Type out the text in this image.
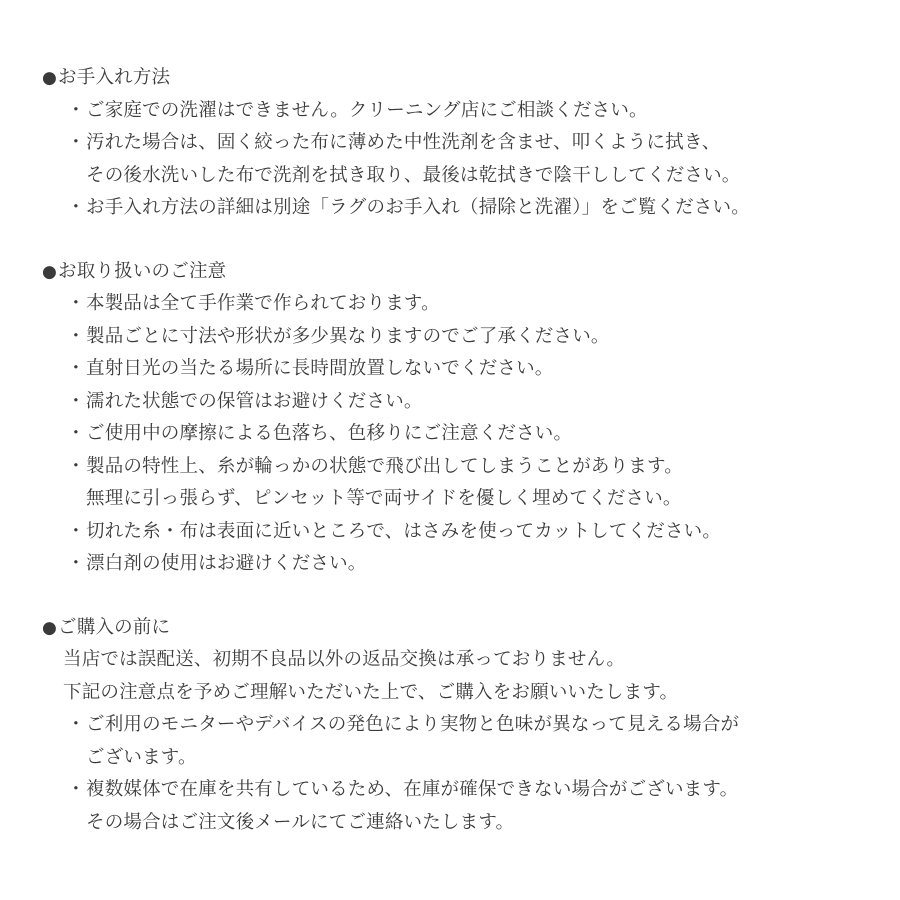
●お手入れ方法
・ご家庭での洗濯はできません。クリーニング店にご相談ください。
・汚れた場合は、固く絞った布に薄めた中性洗剤を含ませ、叩くように拭き、
その後水洗いした布で洗剤を拭き取り、最後は乾拭きで陰干ししてください。
・お手入れ方法の詳細は別途「ラグのお手入れ（掃除と洗濯）」をご覧ください。
●お取り扱いのご注意
・本製品は全て手作業で作られております。
・製品ごとに寸法や形状が多少異なりますのでご了承ください。
・直射日光の当たる場所に長時間放置しないでください。
・濡れた状態での保管はお避けください。
・ご使用中の摩擦による色落ち、色移りにご注意ください。
・製品の特性上、糸が輪っかの状態で飛び出してしまうことがあります。
無理に引っ張らず、ピンセット等で両サイドを優しく埋めてください。
・切れた糸・布は表面に近いところで、はさみを使ってカットしてください。
・漂白剤の使用はお避けください。
●ご購入の前に
当店では誤配送、初期不良品以外の返品交換は承っておりません。
下記の注意点を予めご理解いただいた上で、ご購入をお願いいたします。
・ご利用のモニターやデバイスの発色により実物と色味が異なって見える場合が
ございます。
・複数媒体で在庫を共有しているため、在庫が確保できない場合がございます。
その場合はご注文後メールにてご連絡いたします。
